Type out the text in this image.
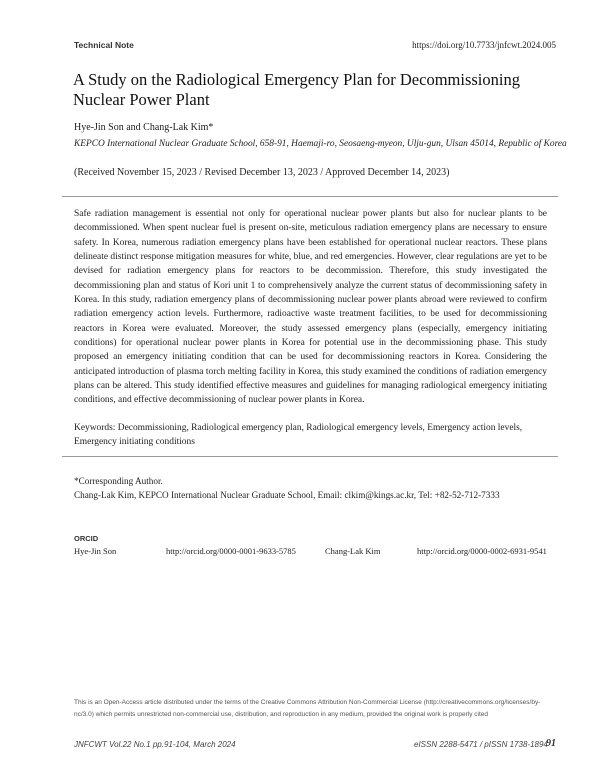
Technical Note	https://doi.org/10.7733/jnfcwt.2024.005
A Study on the Radiological Emergency Plan for Decommissioning Nuclear Power Plant
Hye-Jin Son and Chang-Lak Kim*
KEPCO International Nuclear Graduate School, 658-91, Haemaji-ro, Seosaeng-myeon, Ulju-gun, Ulsan 45014, Republic of Korea
(Received November 15, 2023 / Revised December 13, 2023 / Approved December 14, 2023)

Safe radiation management is essential not only for operational nuclear power plants but also for nuclear plants to be decommissioned. When spent nuclear fuel is present on-site, meticulous radiation emergency plans are necessary to ensure safety. In Korea, numerous radiation emergency plans have been established for operational nuclear reactors. These plans delineate distinct response mitigation measures for white, blue, and red emergencies. However, clear regulations are yet to be devised for radiation emergency plans for reactors to be decommission. Therefore, this study investigated the decommissioning plan and status of Kori unit 1 to comprehensively analyze the current status of decommissioning safety in Korea. In this study, radiation emergency plans of decommissioning nuclear power plants abroad were reviewed to confirm radiation emergency action levels. Furthermore, radioactive waste treatment facilities, to be used for decommissioning reactors in Korea were evaluated. Moreover, the study assessed emergency plans (especially, emergency initiating conditions) for operational nuclear power plants in Korea for potential use in the decommissioning phase. This study proposed an emergency initiating condition that can be used for decommissioning reactors in Korea. Considering the anticipated introduction of plasma torch melting facility in Korea, this study examined the conditions of radiation emergency plans can be altered. This study identified effective measures and guidelines for managing radiological emergency initiating conditions, and effective decommissioning of nuclear power plants in Korea.

Keywords: Decommissioning, Radiological emergency plan, Radiological emergency levels, Emergency action levels, Emergency initiating conditions

*Corresponding Author.
Chang-Lak Kim, KEPCO International Nuclear Graduate School, Email: clkim@kings.ac.kr, Tel: +82-52-712-7333
ORCID
Hye-Jin Son	http://orcid.org/0000-0001-9633-5785	Chang-Lak Kim	http://orcid.org/0000-0002-6931-9541
This is an Open-Access article distributed under the terms of the Creative Commons Attribution Non-Commercial License (http://creativecommons.org/licenses/by-nc/3.0) which permits unrestricted non-commercial use, distribution, and reproduction in any medium, provided the original work is properly cited
JNFCWT Vol.22 No.1 pp.91-104, March 2024	eISSN 2288-5471 / pISSN 1738-1894
91
